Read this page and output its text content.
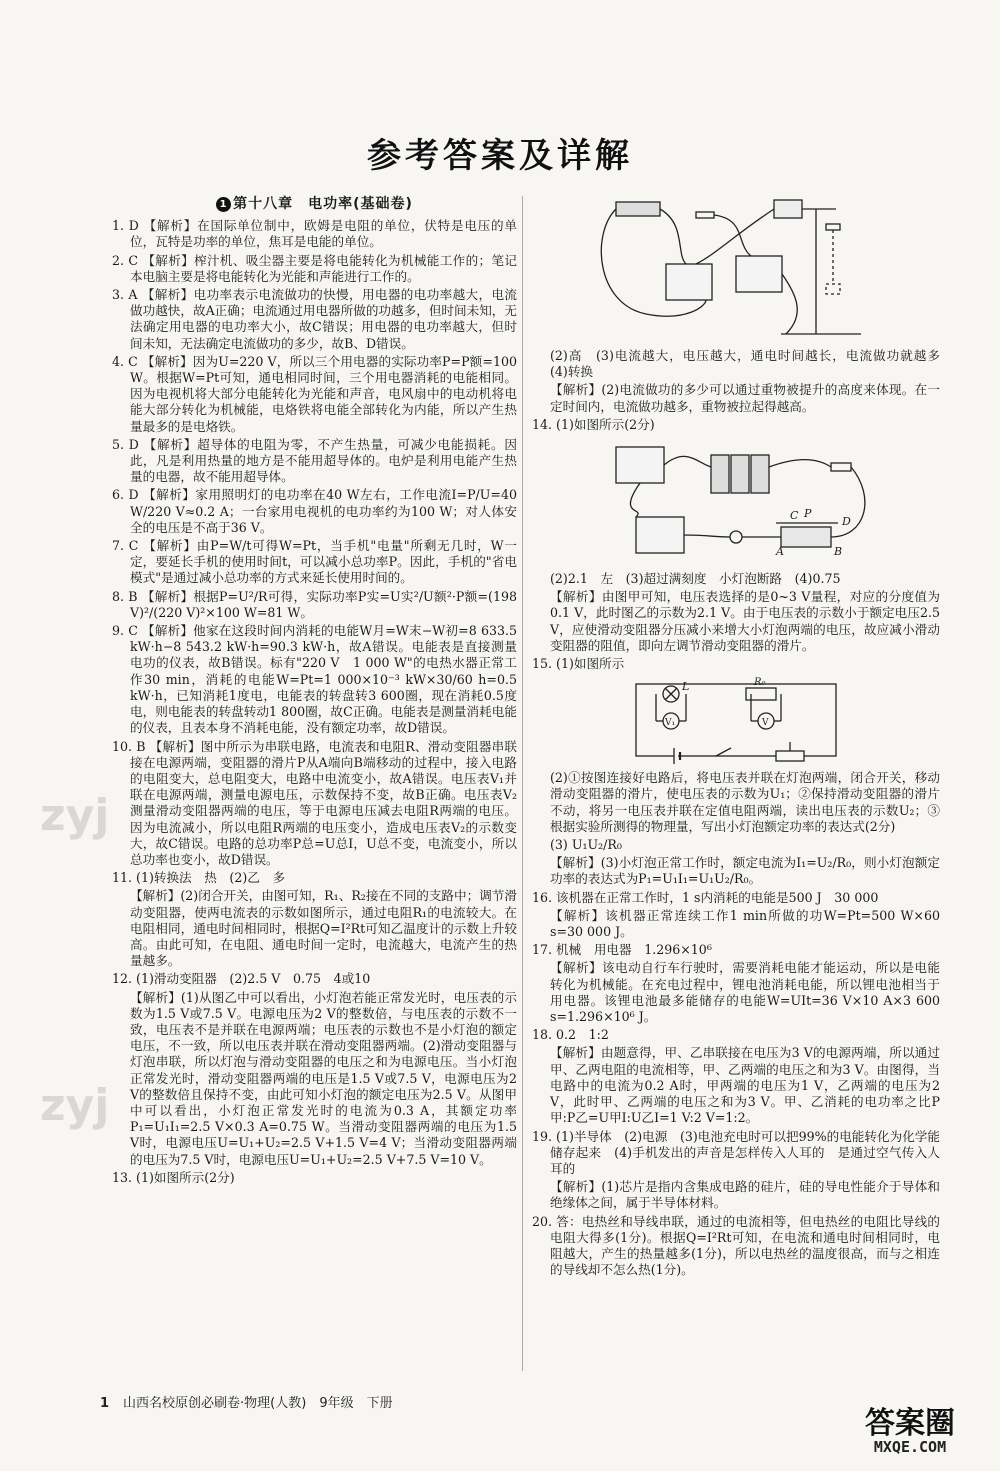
参考答案及详解
1 第十八章　电功率(基础卷)
1. D 【解析】在国际单位制中，欧姆是电阻的单位，伏特是电压的单位，瓦特是功率的单位，焦耳是电能的单位。
2. C 【解析】榨汁机、吸尘器主要是将电能转化为机械能工作的；笔记本电脑主要是将电能转化为光能和声能进行工作的。
3. A 【解析】电功率表示电流做功的快慢，用电器的电功率越大，电流做功越快，故A正确；电流通过用电器所做的功越多，但时间未知，无法确定用电器的电功率大小，故C错误；用电器的电功率越大，但时间未知，无法确定电流做功的多少，故B、D错误。
4. C 【解析】因为U=220 V，所以三个用电器的实际功率P=P额=100 W。根据W=Pt可知，通电相同时间，三个用电器消耗的电能相同。因为电视机将大部分电能转化为光能和声音，电风扇中的电动机将电能大部分转化为机械能，电烙铁将电能全部转化为内能，所以产生热量最多的是电烙铁。
5. D 【解析】超导体的电阻为零，不产生热量，可减少电能损耗。因此，凡是利用热量的地方是不能用超导体的。电炉是利用电能产生热量的电器，故不能用超导体。
6. D 【解析】家用照明灯的电功率在40 W左右，工作电流I=P/U=40 W/220 V≈0.2 A；一台家用电视机的电功率约为100 W；对人体安全的电压是不高于36 V。
7. C 【解析】由P=W/t可得W=Pt，当手机"电量"所剩无几时，W一定，要延长手机的使用时间t，可以减小总功率P。因此，手机的"省电模式"是通过减小总功率的方式来延长使用时间的。
8. B 【解析】根据P=U²/R可得，实际功率P实=U实²/U额²·P额=(198 V)²/(220 V)²×100 W=81 W。
9. C 【解析】他家在这段时间内消耗的电能W月=W末−W初=8 633.5 kW·h−8 543.2 kW·h=90.3 kW·h，故A错误。电能表是直接测量电功的仪表，故B错误。标有"220 V　1 000 W"的电热水器正常工作30 min，消耗的电能W=Pt=1 000×10⁻³ kW×30/60 h=0.5 kW·h，已知消耗1度电，电能表的转盘转3 600圈，现在消耗0.5度电，则电能表的转盘转动1 800圈，故C正确。电能表是测量消耗电能的仪表，且表本身不消耗电能，没有额定功率，故D错误。
10. B 【解析】图中所示为串联电路，电流表和电阻R、滑动变阻器串联接在电源两端，变阻器的滑片P从A端向B端移动的过程中，接入电路的电阻变大，总电阻变大，电路中电流变小，故A错误。电压表V₁并联在电源两端，测量电源电压，示数保持不变，故B正确。电压表V₂测量滑动变阻器两端的电压，等于电源电压减去电阻R两端的电压。因为电流减小，所以电阻R两端的电压变小，造成电压表V₂的示数变大，故C错误。电路的总功率P总=U总I，U总不变，电流变小，所以总功率也变小，故D错误。
11. (1)转换法　热　(2)乙　多
【解析】(2)闭合开关，由图可知，R₁、R₂接在不同的支路中；调节滑动变阻器，使两电流表的示数如图所示，通过电阻R₁的电流较大。在电阻相同，通电时间相同时，根据Q=I²Rt可知乙温度计的示数上升较高。由此可知，在电阻、通电时间一定时，电流越大，电流产生的热量越多。
12. (1)滑动变阻器　(2)2.5 V　0.75　4或10
【解析】(1)从图乙中可以看出，小灯泡若能正常发光时，电压表的示数为1.5 V或7.5 V。电源电压为2 V的整数倍，与电压表的示数不一致，电压表不是并联在电源两端；电压表的示数也不是小灯泡的额定电压，不一致，所以电压表并联在滑动变阻器两端。(2)滑动变阻器与灯泡串联，所以灯泡与滑动变阻器的电压之和为电源电压。当小灯泡正常发光时，滑动变阻器两端的电压是1.5 V或7.5 V，电源电压为2 V的整数倍且保持不变，由此可知小灯泡的额定电压为2.5 V。从图甲中可以看出，小灯泡正常发光时的电流为0.3 A，其额定功率P₁=U₁I₁=2.5 V×0.3 A=0.75 W。当滑动变阻器两端的电压为1.5 V时，电源电压U=U₁+U₂=2.5 V+1.5 V=4 V；当滑动变阻器两端的电压为7.5 V时，电源电压U=U₁+U₂=2.5 V+7.5 V=10 V。
13. (1)如图所示(2分)
(2)高　(3)电流越大，电压越大，通电时间越长，电流做功就越多　(4)转换
【解析】(2)电流做功的多少可以通过重物被提升的高度来体现。在一定时间内，电流做功越多，重物被拉起得越高。
14. (1)如图所示(2分)
C P
D
A	B
(2)2.1　左　(3)超过满刻度　小灯泡断路　(4)0.75
【解析】由图甲可知，电压表选择的是0~3 V量程，对应的分度值为0.1 V，此时图乙的示数为2.1 V。由于电压表的示数小于额定电压2.5 V，应使滑动变阻器分压减小来增大小灯泡两端的电压，故应减小滑动变阻器的阻值，即向左调节滑动变阻器的滑片。
15. (1)如图所示
L	R₀
V₁	V
(2)①按图连接好电路后，将电压表并联在灯泡两端，闭合开关，移动滑动变阻器的滑片，使电压表的示数为U₁；②保持滑动变阻器的滑片不动，将另一电压表并联在定值电阻两端，读出电压表的示数U₂；③根据实验所测得的物理量，写出小灯泡额定功率的表达式(2分)
(3) U₁U₂/R₀
【解析】(3)小灯泡正常工作时，额定电流为I₁=U₂/R₀，则小灯泡额定功率的表达式为P₁=U₁I₁=U₁U₂/R₀。
16. 该机器在正常工作时，1 s内消耗的电能是500 J　30 000
【解析】该机器正常连续工作1 min所做的功W=Pt=500 W×60 s=30 000 J。
17. 机械　用电器　1.296×10⁶
【解析】该电动自行车行驶时，需要消耗电能才能运动，所以是电能转化为机械能。在充电过程中，锂电池消耗电能，所以锂电池相当于用电器。该锂电池最多能储存的电能W=UIt=36 V×10 A×3 600 s=1.296×10⁶ J。
18. 0.2　1:2
【解析】由题意得，甲、乙串联接在电压为3 V的电源两端，所以通过甲、乙两电阻的电流相等，甲、乙两端的电压之和为3 V。由图得，当电路中的电流为0.2 A时，甲两端的电压为1 V，乙两端的电压为2 V，此时甲、乙两端的电压之和为3 V。甲、乙消耗的电功率之比P甲:P乙=U甲I:U乙I=1 V:2 V=1:2。
19. (1)半导体　(2)电源　(3)电池充电时可以把99%的电能转化为化学能储存起来　(4)手机发出的声音是怎样传入人耳的　是通过空气传入人耳的
【解析】(1)芯片是指内含集成电路的硅片，硅的导电性能介于导体和绝缘体之间，属于半导体材料。
20. 答：电热丝和导线串联，通过的电流相等，但电热丝的电阻比导线的电阻大得多(1分)。根据Q=I²Rt可知，在电流和通电时间相同时，电阻越大，产生的热量越多(1分)，所以电热丝的温度很高，而与之相连的导线却不怎么热(1分)。
zyj
zyj
1 山西名校原创必刷卷·物理(人教)　9年级　下册
答案圈
MXQE.COM
